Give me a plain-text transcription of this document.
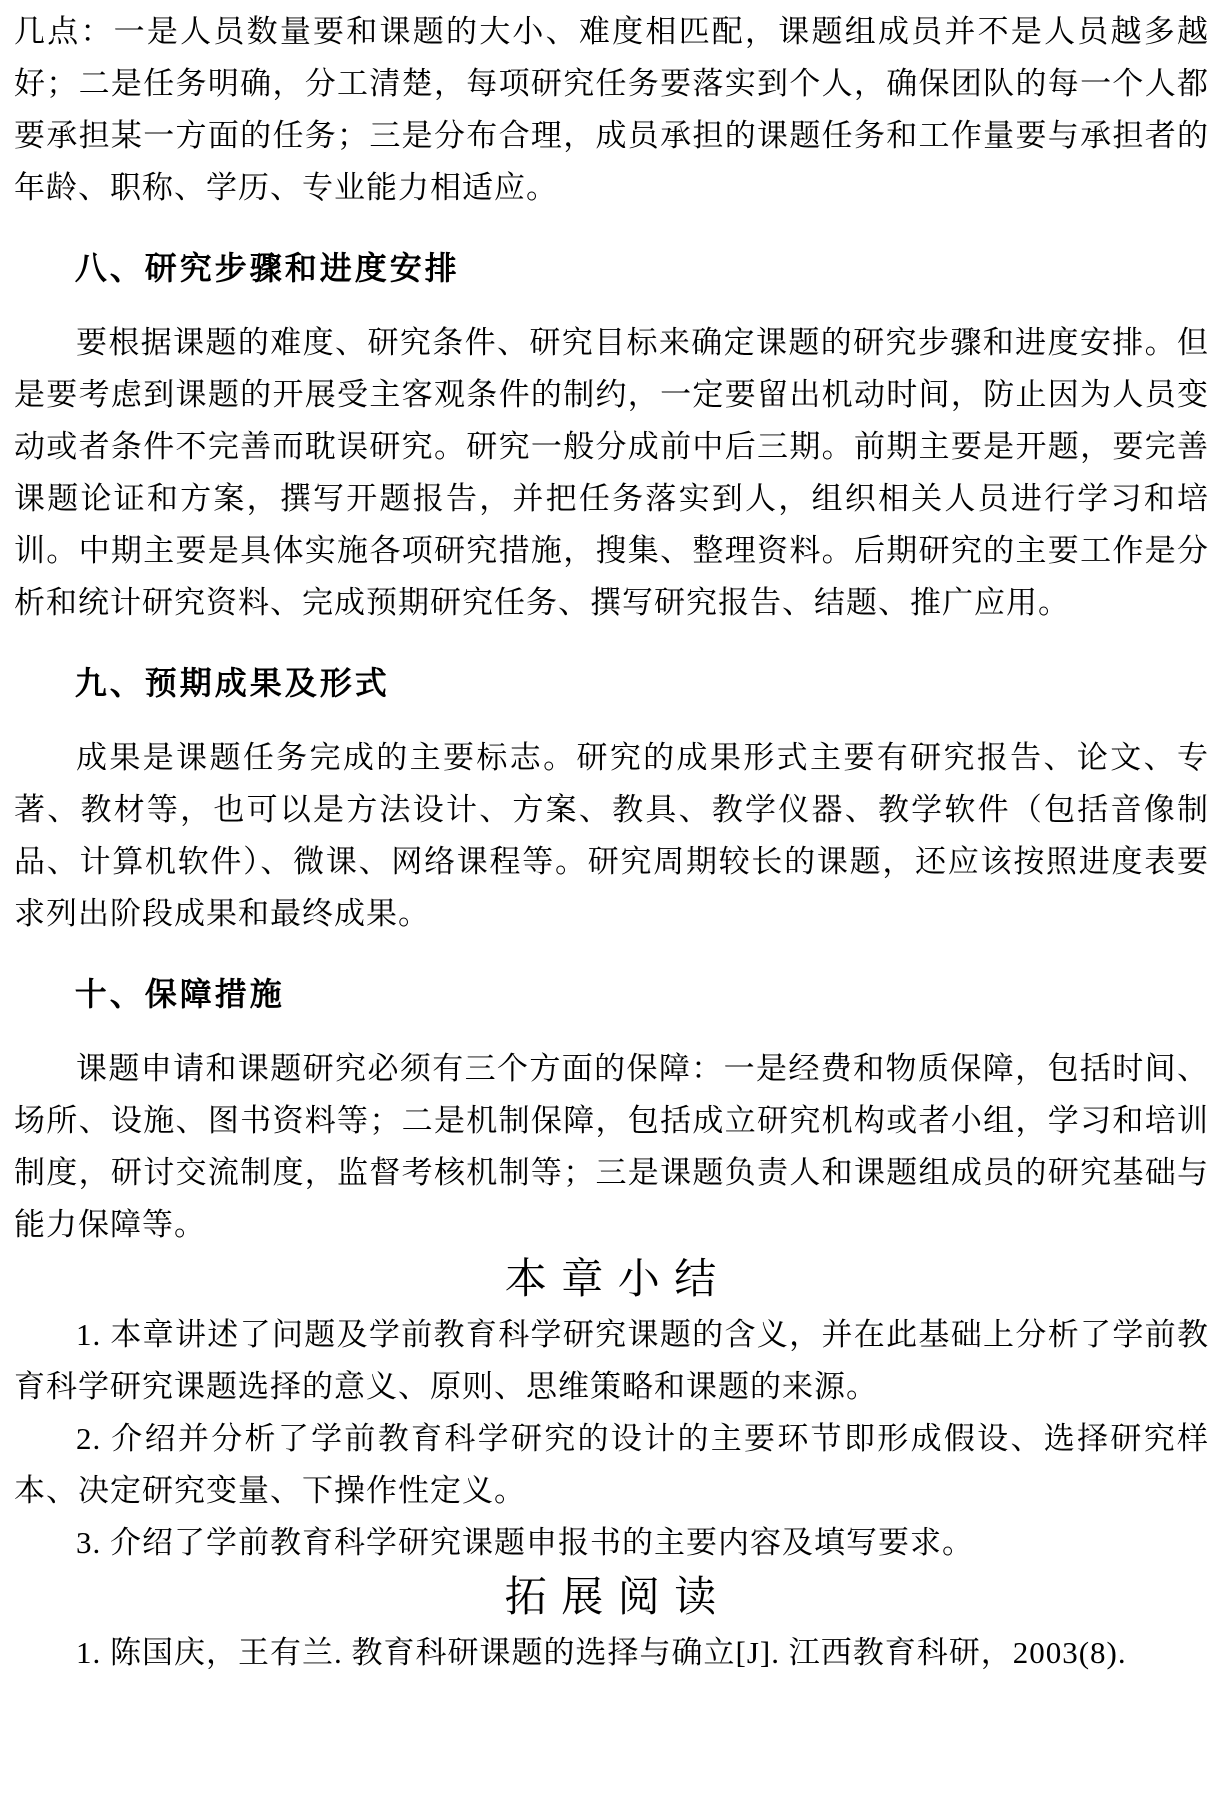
几点：一是人员数量要和课题的大小、难度相匹配，课题组成员并不是人员越多越好；二是任务明确，分工清楚，每项研究任务要落实到个人，确保团队的每一个人都要承担某一方面的任务；三是分布合理，成员承担的课题任务和工作量要与承担者的年龄、职称、学历、专业能力相适应。

八、研究步骤和进度安排

要根据课题的难度、研究条件、研究目标来确定课题的研究步骤和进度安排。但是要考虑到课题的开展受主客观条件的制约，一定要留出机动时间，防止因为人员变动或者条件不完善而耽误研究。研究一般分成前中后三期。前期主要是开题，要完善课题论证和方案，撰写开题报告，并把任务落实到人，组织相关人员进行学习和培训。中期主要是具体实施各项研究措施，搜集、整理资料。后期研究的主要工作是分析和统计研究资料、完成预期研究任务、撰写研究报告、结题、推广应用。

九、预期成果及形式

成果是课题任务完成的主要标志。研究的成果形式主要有研究报告、论文、专著、教材等，也可以是方法设计、方案、教具、教学仪器、教学软件（包括音像制品、计算机软件）、微课、网络课程等。研究周期较长的课题，还应该按照进度表要求列出阶段成果和最终成果。

十、保障措施

课题申请和课题研究必须有三个方面的保障：一是经费和物质保障，包括时间、场所、设施、图书资料等；二是机制保障，包括成立研究机构或者小组，学习和培训制度，研讨交流制度，监督考核机制等；三是课题负责人和课题组成员的研究基础与能力保障等。

本 章 小 结

1. 本章讲述了问题及学前教育科学研究课题的含义，并在此基础上分析了学前教育科学研究课题选择的意义、原则、思维策略和课题的来源。

2. 介绍并分析了学前教育科学研究的设计的主要环节即形成假设、选择研究样本、决定研究变量、下操作性定义。

3. 介绍了学前教育科学研究课题申报书的主要内容及填写要求。

拓 展 阅 读

1. 陈国庆，王有兰. 教育科研课题的选择与确立[J]. 江西教育科研，2003(8).
